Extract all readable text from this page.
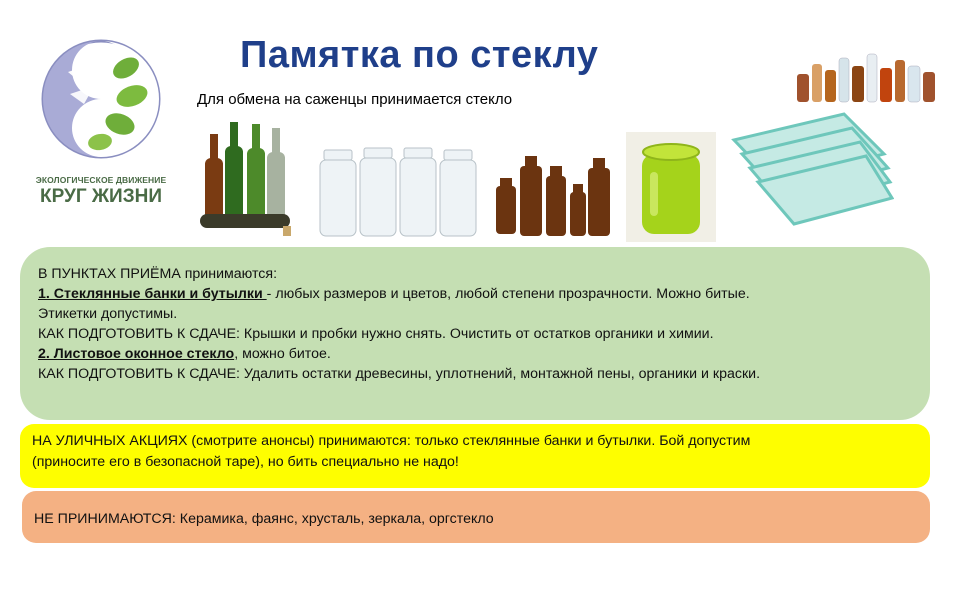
ЭКОЛОГИЧЕСКОЕ ДВИЖЕНИЕ
КРУГ ЖИЗНИ
Памятка по стеклу
Для обмена на саженцы принимается стекло
В ПУНКТАХ ПРИЁМА принимаются:
1. Стеклянные банки и бутылки - любых размеров и цветов, любой степени прозрачности. Можно битые.
Этикетки допустимы.
КАК ПОДГОТОВИТЬ К СДАЧЕ: Крышки и пробки нужно снять. Очистить от остатков органики и химии.
2. Листовое оконное стекло, можно битое.
КАК ПОДГОТОВИТЬ К СДАЧЕ: Удалить остатки древесины, уплотнений, монтажной пены, органики и краски.
НА УЛИЧНЫХ АКЦИЯХ (смотрите анонсы) принимаются: только стеклянные банки и бутылки. Бой допустим
(приносите его в безопасной таре), но бить специально не надо!
НЕ ПРИНИМАЮТСЯ: Керамика, фаянс, хрусталь, зеркала, оргстекло
